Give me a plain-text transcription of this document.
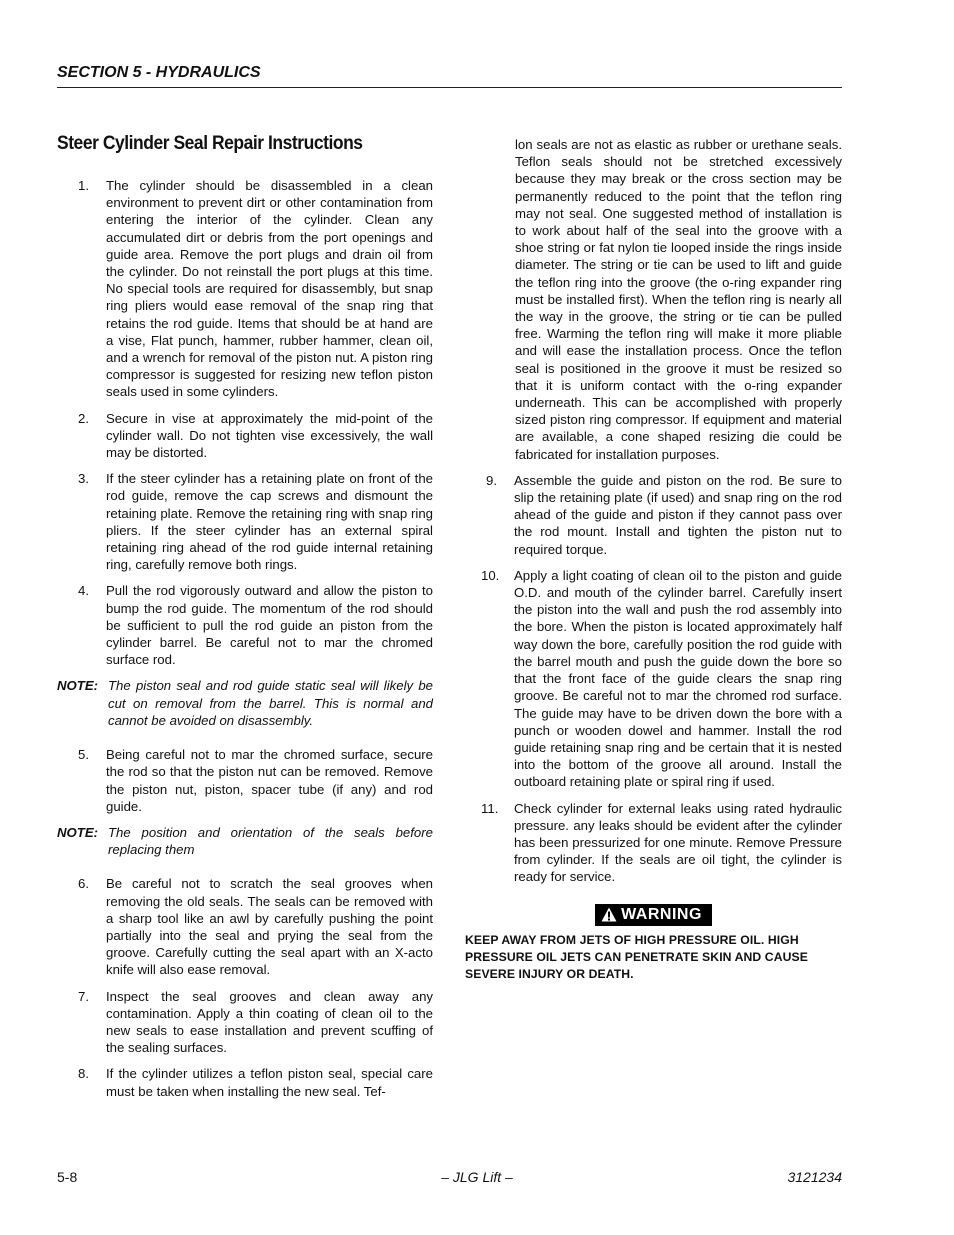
SECTION 5 - HYDRAULICS
Steer Cylinder Seal Repair Instructions
1. The cylinder should be disassembled in a clean environment to prevent dirt or other contamination from entering the interior of the cylinder. Clean any accumulated dirt or debris from the port openings and guide area. Remove the port plugs and drain oil from the cylinder. Do not reinstall the port plugs at this time. No special tools are required for disassembly, but snap ring pliers would ease removal of the snap ring that retains the rod guide. Items that should be at hand are a vise, Flat punch, hammer, rubber hammer, clean oil, and a wrench for removal of the piston nut. A piston ring compressor is suggested for resizing new teflon piston seals used in some cylinders.
2. Secure in vise at approximately the mid-point of the cylinder wall. Do not tighten vise excessively, the wall may be distorted.
3. If the steer cylinder has a retaining plate on front of the rod guide, remove the cap screws and dismount the retaining plate. Remove the retaining ring with snap ring pliers. If the steer cylinder has an external spiral retaining ring ahead of the rod guide internal retaining ring, carefully remove both rings.
4. Pull the rod vigorously outward and allow the piston to bump the rod guide. The momentum of the rod should be sufficient to pull the rod guide an piston from the cylinder barrel. Be careful not to mar the chromed surface rod.
NOTE: The piston seal and rod guide static seal will likely be cut on removal from the barrel. This is normal and cannot be avoided on disassembly.
5. Being careful not to mar the chromed surface, secure the rod so that the piston nut can be removed. Remove the piston nut, piston, spacer tube (if any) and rod guide.
NOTE: The position and orientation of the seals before replacing them
6. Be careful not to scratch the seal grooves when removing the old seals. The seals can be removed with a sharp tool like an awl by carefully pushing the point partially into the seal and prying the seal from the groove. Carefully cutting the seal apart with an X-acto knife will also ease removal.
7. Inspect the seal grooves and clean away any contamination. Apply a thin coating of clean oil to the new seals to ease installation and prevent scuffing of the sealing surfaces.
8. If the cylinder utilizes a teflon piston seal, special care must be taken when installing the new seal. Tef-
lon seals are not as elastic as rubber or urethane seals. Teflon seals should not be stretched excessively because they may break or the cross section may be permanently reduced to the point that the teflon ring may not seal. One suggested method of installation is to work about half of the seal into the groove with a shoe string or fat nylon tie looped inside the rings inside diameter. The string or tie can be used to lift and guide the teflon ring into the groove (the o-ring expander ring must be installed first). When the teflon ring is nearly all the way in the groove, the string or tie can be pulled free. Warming the teflon ring will make it more pliable and will ease the installation process. Once the teflon seal is positioned in the groove it must be resized so that it is uniform contact with the o-ring expander underneath. This can be accomplished with properly sized piston ring compressor. If equipment and material are available, a cone shaped resizing die could be fabricated for installation purposes.
9. Assemble the guide and piston on the rod. Be sure to slip the retaining plate (if used) and snap ring on the rod ahead of the guide and piston if they cannot pass over the rod mount. Install and tighten the piston nut to required torque.
10. Apply a light coating of clean oil to the piston and guide O.D. and mouth of the cylinder barrel. Carefully insert the piston into the wall and push the rod assembly into the bore. When the piston is located approximately half way down the bore, carefully position the rod guide with the barrel mouth and push the guide down the bore so that the front face of the guide clears the snap ring groove. Be careful not to mar the chromed rod surface. The guide may have to be driven down the bore with a punch or wooden dowel and hammer. Install the rod guide retaining snap ring and be certain that it is nested into the bottom of the groove all around. Install the outboard retaining plate or spiral ring if used.
11. Check cylinder for external leaks using rated hydraulic pressure. any leaks should be evident after the cylinder has been pressurized for one minute. Remove Pressure from cylinder. If the seals are oil tight, the cylinder is ready for service.
WARNING
KEEP AWAY FROM JETS OF HIGH PRESSURE OIL. HIGH PRESSURE OIL JETS CAN PENETRATE SKIN AND CAUSE SEVERE INJURY OR DEATH.
5-8	– JLG Lift –	3121234
